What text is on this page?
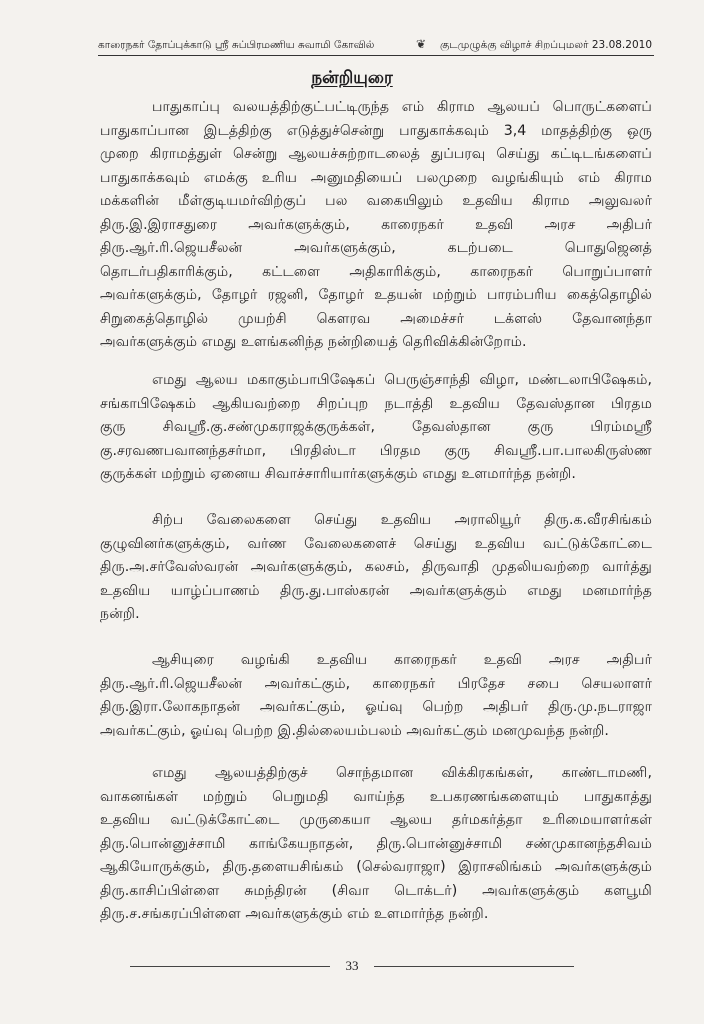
காரைநகர் தோப்புக்காடு ஸ்ரீ சுப்பிரமணிய சுவாமி கோவில்	❦ குடமுழுக்கு விழாச் சிறப்புமலர் 23.08.2010
நன்றியுரை
பாதுகாப்பு வலயத்திற்குட்பட்டிருந்த எம் கிராம ஆலயப் பொருட்களைப்
பாதுகாப்பான இடத்திற்கு எடுத்துச்சென்று பாதுகாக்கவும் 3,4 மாதத்திற்கு ஒரு
முறை கிராமத்துள் சென்று ஆலயச்சுற்றாடலைத் துப்பரவு செய்து கட்டிடங்களைப்
பாதுகாக்கவும் எமக்கு உரிய அனுமதியைப் பலமுறை வழங்கியும் எம் கிராம
மக்களின் மீள்குடியமர்விற்குப் பல வகையிலும் உதவிய கிராம அலுவலர்
திரு.இ.இராசதுரை அவர்களுக்கும், காரைநகர் உதவி அரச அதிபர்
திரு.ஆர்.ரி.ஜெயசீலன் அவர்களுக்கும், கடற்படை பொதுஜெனத்
தொடர்பதிகாரிக்கும், கட்டளை அதிகாரிக்கும், காரைநகர் பொறுப்பாளர்
அவர்களுக்கும், தோழர் ரஜனி, தோழர் உதயன் மற்றும் பாரம்பரிய கைத்தொழில்
சிறுகைத்தொழில் முயற்சி கௌரவ அமைச்சர் டக்ளஸ் தேவானந்தா
அவர்களுக்கும் எமது உளங்கனிந்த நன்றியைத் தெரிவிக்கின்றோம்.
எமது ஆலய மகாகும்பாபிஷேகப் பெருஞ்சாந்தி விழா, மண்டலாபிஷேகம்,
சங்காபிஷேகம் ஆகியவற்றை சிறப்புற நடாத்தி உதவிய தேவஸ்தான பிரதம
குரு சிவஸ்ரீ.கு.சண்முகராஜக்குருக்கள், தேவஸ்தான குரு பிரம்மஸ்ரீ
கு.சரவணபவானந்தசர்மா, பிரதிஸ்டா பிரதம குரு சிவஸ்ரீ.பா.பாலகிருஸ்ண
குருக்கள் மற்றும் ஏனைய சிவாச்சாரியார்களுக்கும் எமது உளமார்ந்த நன்றி.
சிற்ப வேலைகளை செய்து உதவிய அராலியூர் திரு.க.வீரசிங்கம்
குழுவினர்களுக்கும், வர்ண வேலைகளைச் செய்து உதவிய வட்டுக்கோட்டை
திரு.அ.சர்வேஸ்வரன் அவர்களுக்கும், கலசம், திருவாதி முதலியவற்றை வார்த்து
உதவிய யாழ்ப்பாணம் திரு.து.பாஸ்கரன் அவர்களுக்கும் எமது மனமார்ந்த
நன்றி.
ஆசியுரை வழங்கி உதவிய காரைநகர் உதவி அரச அதிபர்
திரு.ஆர்.ரி.ஜெயசீலன் அவர்கட்கும், காரைநகர் பிரதேச சபை செயலாளர்
திரு.இரா.லோகநாதன் அவர்கட்கும், ஓய்வு பெற்ற அதிபர் திரு.மு.நடராஜா
அவர்கட்கும், ஓய்வு பெற்ற இ.தில்லையம்பலம் அவர்கட்கும் மனமுவந்த நன்றி.
எமது ஆலயத்திற்குச் சொந்தமான விக்கிரகங்கள், காண்டாமணி,
வாகனங்கள் மற்றும் பெறுமதி வாய்ந்த உபகரணங்களையும் பாதுகாத்து
உதவிய வட்டுக்கோட்டை முருகையா ஆலய தர்மகர்த்தா உரிமையாளர்கள்
திரு.பொன்னுச்சாமி காங்கேயநாதன், திரு.பொன்னுச்சாமி சண்முகானந்தசிவம்
ஆகியோருக்கும், திரு.தளையசிங்கம் (செல்வராஜா) இராசலிங்கம் அவர்களுக்கும்
திரு.காசிப்பிள்ளை சுமந்திரன் (சிவா டொக்டர்) அவர்களுக்கும் களபூமி
திரு.ச.சங்கரப்பிள்ளை அவர்களுக்கும் எம் உளமார்ந்த நன்றி.
33
